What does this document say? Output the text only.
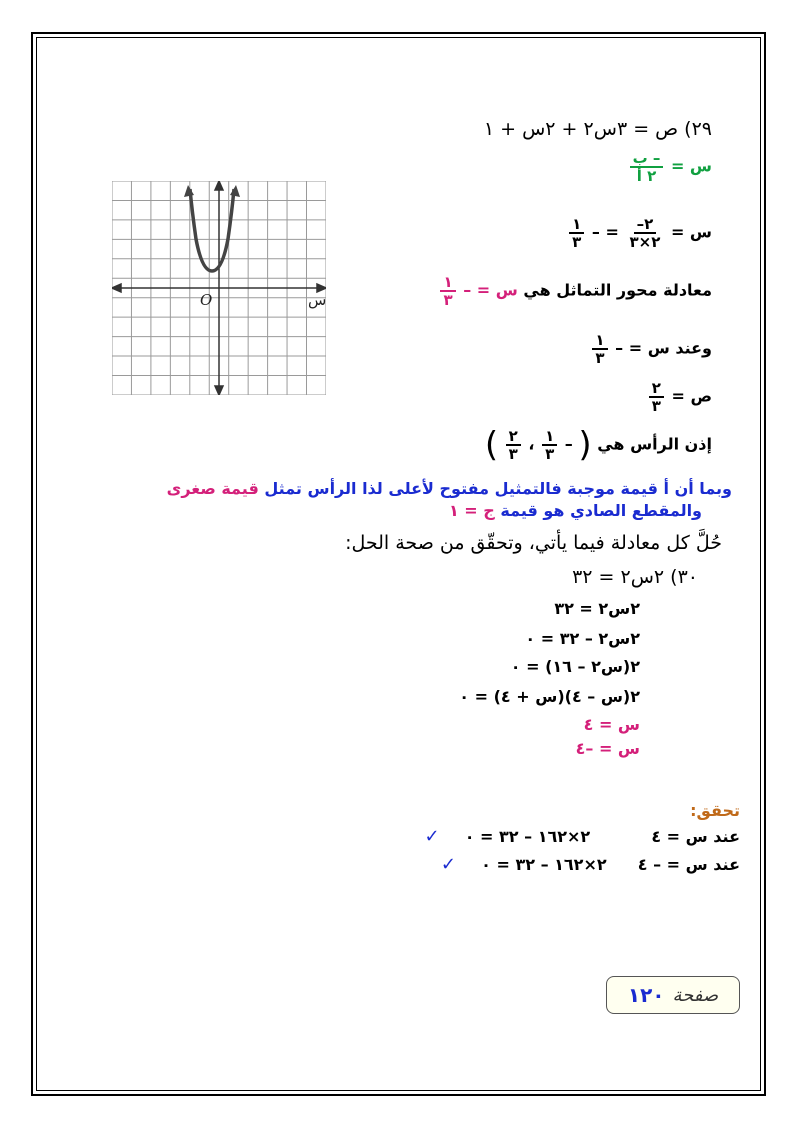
٢٩) ص = ٣س٢ + ٢س + ١
س =
$\frac{\text{– ب}}{\text{٢ أ}}$
س =
$\frac{٢-}{٢\times ٣}$
= –
$\frac{١}{٣}$
معادلة محور التماثل هي س = –
$\frac{١}{٣}$
وعند س = –
$\frac{١}{٣}$
ص =
$\frac{٢}{٣}$
إذن الرأس هي ( –
$\frac{١}{٣}$
،
$\frac{٢}{٣}$
)
وبما أن أ قيمة موجبة فالتمثيل مفتوح لأعلى لذا الرأس تمثل قيمة صغرى
والمقطع الصادي هو قيمة ج = ١
O	س
حُلَّ كل معادلة فيما يأتي، وتحقّق من صحة الحل:
٣٠) ٢س٢ = ٣٢
٢س٢ = ٣٢
٢س٢ – ٣٢ = ٠
٢(س٢ – ١٦) = ٠
٢(س – ٤)(س + ٤) = ٠
س = ٤
س = –٤
تحقق:
عند س = ٤  ٢×١٦٢ – ٣٢ = ٠  ✓
عند س = – ٤  ٢×١٦٢ – ٣٢ = ٠  ✓
صفحة
١٢٠
